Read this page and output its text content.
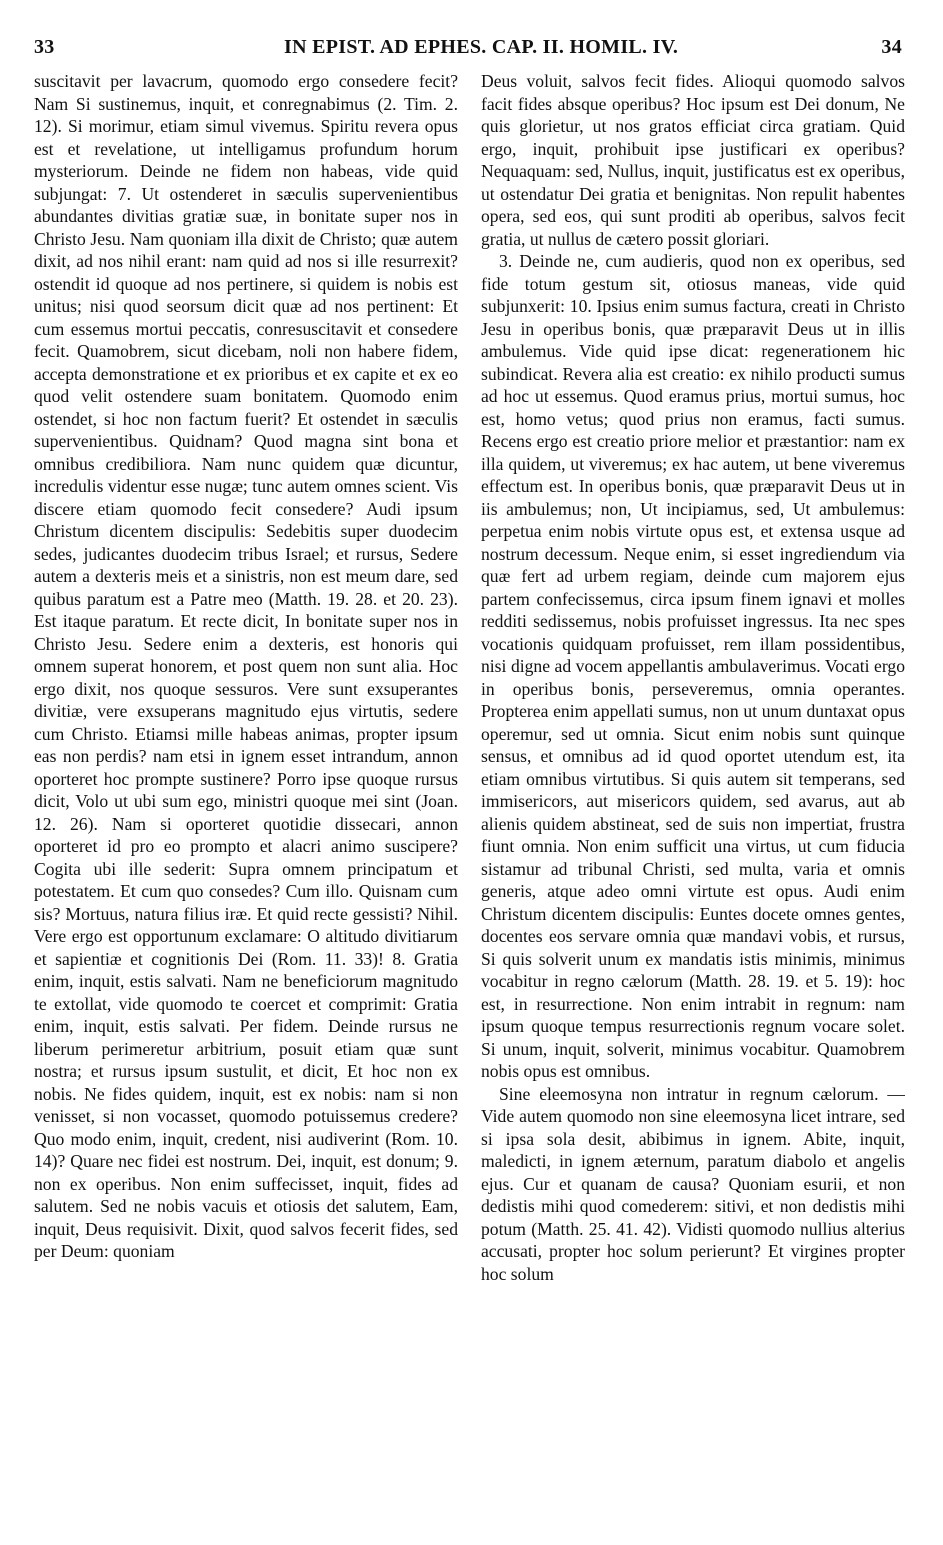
33	IN EPIST. AD EPHES. CAP. II. HOMIL. IV.	34

suscitavit per lavacrum, quomodo ergo consedere fecit? Nam Si sustinemus, inquit, et conregnabimus (2. Tim. 2. 12). Si morimur, etiam simul vivemus. Spiritu revera opus est et revelatione, ut intelligamus profundum horum mysteriorum. Deinde ne fidem non habeas, vide quid subjungat: 7. Ut ostenderet in sæculis supervenientibus abundantes divitias gratiæ suæ, in bonitate super nos in Christo Jesu. Nam quoniam illa dixit de Christo; quæ autem dixit, ad nos nihil erant: nam quid ad nos si ille resurrexit? ostendit id quoque ad nos pertinere, si quidem is nobis est unitus; nisi quod seorsum dicit quæ ad nos pertinent: Et cum essemus mortui peccatis, conresuscitavit et consedere fecit. Quamobrem, sicut dicebam, noli non habere fidem, accepta demonstratione et ex prioribus et ex capite et ex eo quod velit ostendere suam bonitatem. Quomodo enim ostendet, si hoc non factum fuerit? Et ostendet in sæculis supervenientibus. Quidnam? Quod magna sint bona et omnibus credibiliora. Nam nunc quidem quæ dicuntur, incredulis videntur esse nugæ; tunc autem omnes scient. Vis discere etiam quomodo fecit consedere? Audi ipsum Christum dicentem discipulis: Sedebitis super duodecim sedes, judicantes duodecim tribus Israel; et rursus, Sedere autem a dexteris meis et a sinistris, non est meum dare, sed quibus paratum est a Patre meo (Matth. 19. 28. et 20. 23). Est itaque paratum. Et recte dicit, In bonitate super nos in Christo Jesu. Sedere enim a dexteris, est honoris qui omnem superat honorem, et post quem non sunt alia. Hoc ergo dixit, nos quoque sessuros. Vere sunt exsuperantes divitiæ, vere exsuperans magnitudo ejus virtutis, sedere cum Christo. Etiamsi mille habeas animas, propter ipsum eas non perdis? nam etsi in ignem esset intrandum, annon oporteret hoc prompte sustinere? Porro ipse quoque rursus dicit, Volo ut ubi sum ego, ministri quoque mei sint (Joan. 12. 26). Nam si oporteret quotidie dissecari, annon oporteret id pro eo prompto et alacri animo suscipere? Cogita ubi ille sederit: Supra omnem principatum et potestatem. Et cum quo consedes? Cum illo. Quisnam cum sis? Mortuus, natura filius iræ. Et quid recte gessisti? Nihil. Vere ergo est opportunum exclamare: O altitudo divitiarum et sapientiæ et cognitionis Dei (Rom. 11. 33)! 8. Gratia enim, inquit, estis salvati. Nam ne beneficiorum magnitudo te extollat, vide quomodo te coercet et comprimit: Gratia enim, inquit, estis salvati. Per fidem. Deinde rursus ne liberum perimeretur arbitrium, posuit etiam quæ sunt nostra; et rursus ipsum sustulit, et dicit, Et hoc non ex nobis. Ne fides quidem, inquit, est ex nobis: nam si non venisset, si non vocasset, quomodo potuissemus credere? Quo modo enim, inquit, credent, nisi audiverint (Rom. 10. 14)? Quare nec fidei est nostrum. Dei, inquit, est donum; 9. non ex operibus. Non enim suffecisset, inquit, fides ad salutem. Sed ne nobis vacuis et otiosis det salutem, Eam, inquit, Deus requisivit. Dixit, quod salvos fecerit fides, sed per Deum: quoniam

Deus voluit, salvos fecit fides. Alioqui quomodo salvos facit fides absque operibus? Hoc ipsum est Dei donum, Ne quis glorietur, ut nos gratos efficiat circa gratiam. Quid ergo, inquit, prohibuit ipse justificari ex operibus? Nequaquam: sed, Nullus, inquit, justificatus est ex operibus, ut ostendatur Dei gratia et benignitas. Non repulit habentes opera, sed eos, qui sunt proditi ab operibus, salvos fecit gratia, ut nullus de cætero possit gloriari.

3. Deinde ne, cum audieris, quod non ex operibus, sed fide totum gestum sit, otiosus maneas, vide quid subjunxerit: 10. Ipsius enim sumus factura, creati in Christo Jesu in operibus bonis, quæ præparavit Deus ut in illis ambulemus. Vide quid ipse dicat: regenerationem hic subindicat. Revera alia est creatio: ex nihilo producti sumus ad hoc ut essemus. Quod eramus prius, mortui sumus, hoc est, homo vetus; quod prius non eramus, facti sumus. Recens ergo est creatio priore melior et præstantior: nam ex illa quidem, ut viveremus; ex hac autem, ut bene viveremus effectum est. In operibus bonis, quæ præparavit Deus ut in iis ambulemus; non, Ut incipiamus, sed, Ut ambulemus: perpetua enim nobis virtute opus est, et extensa usque ad nostrum decessum. Neque enim, si esset ingrediendum via quæ fert ad urbem regiam, deinde cum majorem ejus partem confecissemus, circa ipsum finem ignavi et molles redditi sedissemus, nobis profuisset ingressus. Ita nec spes vocationis quidquam profuisset, rem illam possidentibus, nisi digne ad vocem appellantis ambulaverimus. Vocati ergo in operibus bonis, perseveremus, omnia operantes. Propterea enim appellati sumus, non ut unum duntaxat opus operemur, sed ut omnia. Sicut enim nobis sunt quinque sensus, et omnibus ad id quod oportet utendum est, ita etiam omnibus virtutibus. Si quis autem sit temperans, sed immisericors, aut misericors quidem, sed avarus, aut ab alienis quidem abstineat, sed de suis non impertiat, frustra fiunt omnia. Non enim sufficit una virtus, ut cum fiducia sistamur ad tribunal Christi, sed multa, varia et omnis generis, atque adeo omni virtute est opus. Audi enim Christum dicentem discipulis: Euntes docete omnes gentes, docentes eos servare omnia quæ mandavi vobis, et rursus, Si quis solverit unum ex mandatis istis minimis, minimus vocabitur in regno cælorum (Matth. 28. 19. et 5. 19): hoc est, in resurrectione. Non enim intrabit in regnum: nam ipsum quoque tempus resurrectionis regnum vocare solet. Si unum, inquit, solverit, minimus vocabitur. Quamobrem nobis opus est omnibus.

Sine eleemosyna non intratur in regnum cælorum. — Vide autem quomodo non sine eleemosyna licet intrare, sed si ipsa sola desit, abibimus in ignem. Abite, inquit, maledicti, in ignem æternum, paratum diabolo et angelis ejus. Cur et quanam de causa? Quoniam esurii, et non dedistis mihi quod comederem: sitivi, et non dedistis mihi potum (Matth. 25. 41. 42). Vidisti quomodo nullius alterius accusati, propter hoc solum perierunt? Et virgines propter hoc solum
